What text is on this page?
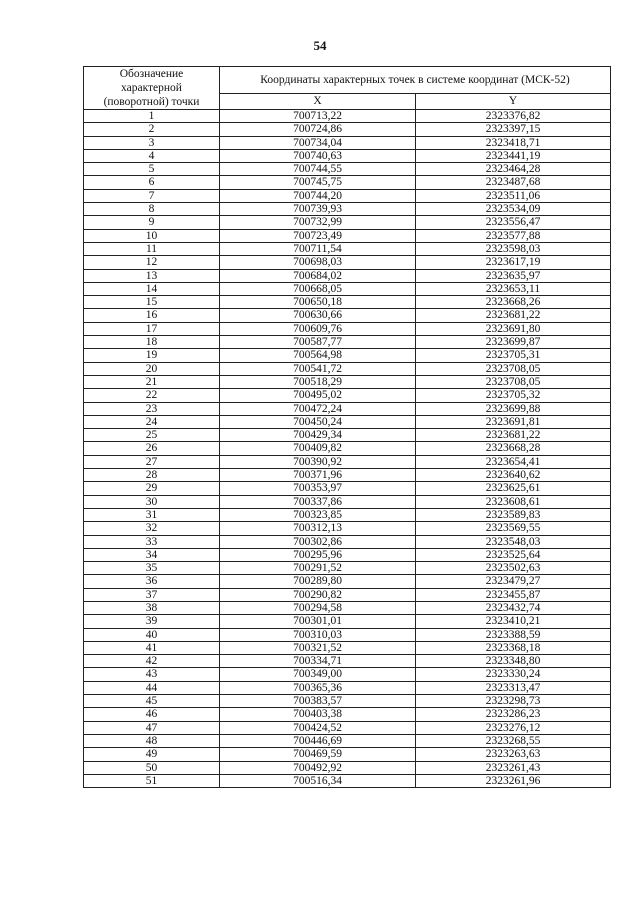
54
Обозначение
характерной
(поворотной) точки	Координаты характерных точек в системе координат (МСК-52)	
	X	Y
1	700713,22	2323376,82
2	700724,86	2323397,15
3	700734,04	2323418,71
4	700740,63	2323441,19
5	700744,55	2323464,28
6	700745,75	2323487,68
7	700744,20	2323511,06
8	700739,93	2323534,09
9	700732,99	2323556,47
10	700723,49	2323577,88
11	700711,54	2323598,03
12	700698,03	2323617,19
13	700684,02	2323635,97
14	700668,05	2323653,11
15	700650,18	2323668,26
16	700630,66	2323681,22
17	700609,76	2323691,80
18	700587,77	2323699,87
19	700564,98	2323705,31
20	700541,72	2323708,05
21	700518,29	2323708,05
22	700495,02	2323705,32
23	700472,24	2323699,88
24	700450,24	2323691,81
25	700429,34	2323681,22
26	700409,82	2323668,28
27	700390,92	2323654,41
28	700371,96	2323640,62
29	700353,97	2323625,61
30	700337,86	2323608,61
31	700323,85	2323589,83
32	700312,13	2323569,55
33	700302,86	2323548,03
34	700295,96	2323525,64
35	700291,52	2323502,63
36	700289,80	2323479,27
37	700290,82	2323455,87
38	700294,58	2323432,74
39	700301,01	2323410,21
40	700310,03	2323388,59
41	700321,52	2323368,18
42	700334,71	2323348,80
43	700349,00	2323330,24
44	700365,36	2323313,47
45	700383,57	2323298,73
46	700403,38	2323286,23
47	700424,52	2323276,12
48	700446,69	2323268,55
49	700469,59	2323263,63
50	700492,92	2323261,43
51	700516,34	2323261,96
